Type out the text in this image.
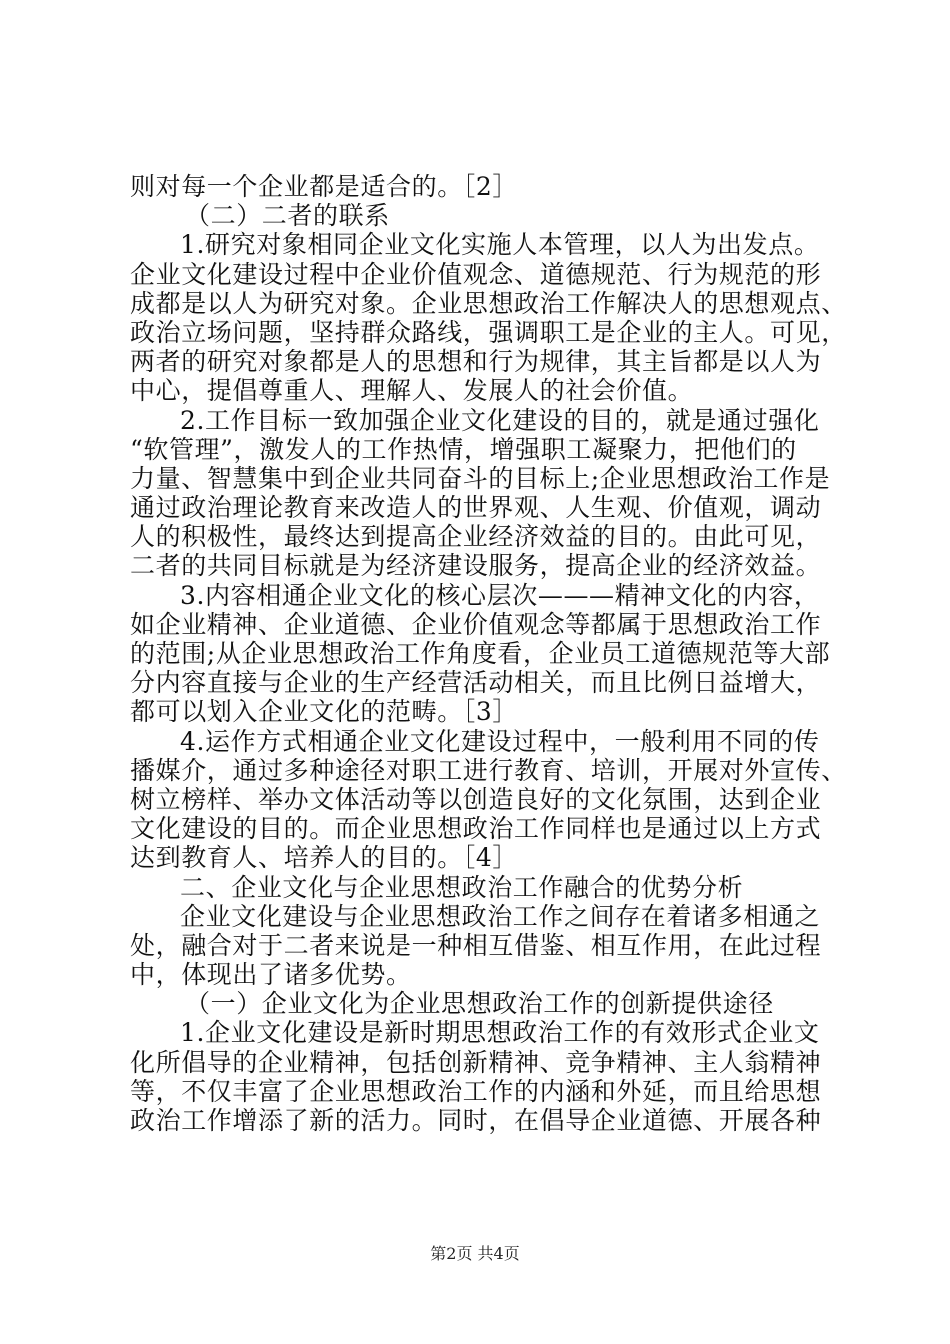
则对每一个企业都是适合的。［2］
（二）二者的联系
1.研究对象相同企业文化实施人本管理，以人为出发点。
企业文化建设过程中企业价值观念、道德规范、行为规范的形
成都是以人为研究对象。企业思想政治工作解决人的思想观点、
政治立场问题，坚持群众路线，强调职工是企业的主人。可见，
两者的研究对象都是人的思想和行为规律，其主旨都是以人为
中心，提倡尊重人、理解人、发展人的社会价值。
2.工作目标一致加强企业文化建设的目的，就是通过强化
“软管理”，激发人的工作热情，增强职工凝聚力，把他们的
力量、智慧集中到企业共同奋斗的目标上;企业思想政治工作是
通过政治理论教育来改造人的世界观、人生观、价值观，调动
人的积极性，最终达到提高企业经济效益的目的。由此可见，
二者的共同目标就是为经济建设服务，提高企业的经济效益。
3.内容相通企业文化的核心层次———精神文化的内容，
如企业精神、企业道德、企业价值观念等都属于思想政治工作
的范围;从企业思想政治工作角度看，企业员工道德规范等大部
分内容直接与企业的生产经营活动相关，而且比例日益增大，
都可以划入企业文化的范畴。［3］
4.运作方式相通企业文化建设过程中，一般利用不同的传
播媒介，通过多种途径对职工进行教育、培训，开展对外宣传、
树立榜样、举办文体活动等以创造良好的文化氛围，达到企业
文化建设的目的。而企业思想政治工作同样也是通过以上方式
达到教育人、培养人的目的。［4］
二、企业文化与企业思想政治工作融合的优势分析
企业文化建设与企业思想政治工作之间存在着诸多相通之
处，融合对于二者来说是一种相互借鉴、相互作用，在此过程
中，体现出了诸多优势。
（一）企业文化为企业思想政治工作的创新提供途径
1.企业文化建设是新时期思想政治工作的有效形式企业文
化所倡导的企业精神，包括创新精神、竞争精神、主人翁精神
等，不仅丰富了企业思想政治工作的内涵和外延，而且给思想
政治工作增添了新的活力。同时，在倡导企业道德、开展各种
第2页 共4页
